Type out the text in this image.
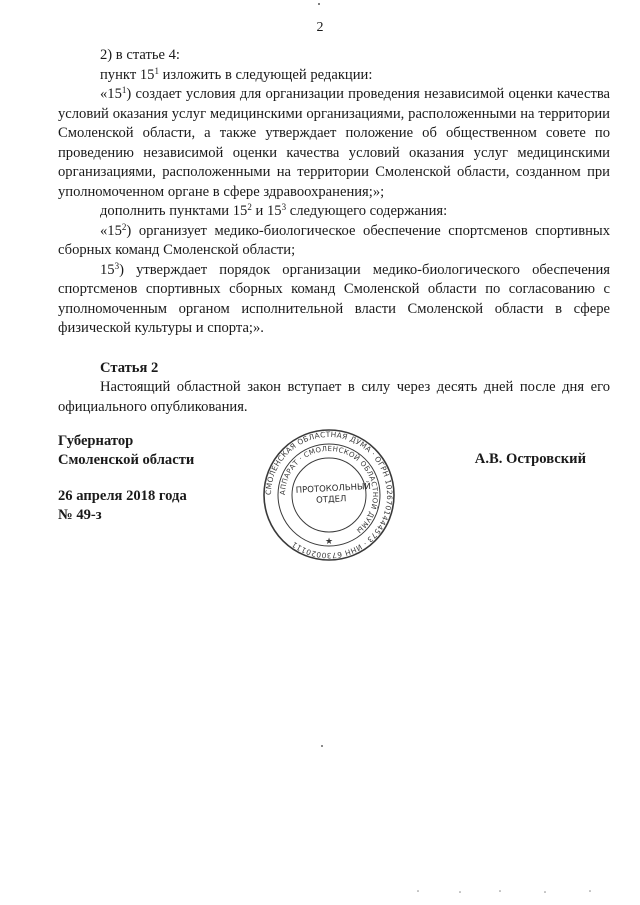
2

2) в статье 4:

пункт $15^1$ изложить в следующей редакции:

«$15^1$) создает условия для организации проведения независимой оценки качества условий оказания услуг медицинскими организациями, расположенными на территории Смоленской области, а также утверждает положение об общественном совете по проведению независимой оценки качества условий оказания услуг медицинскими организациями, расположенными на территории Смоленской области, созданном при уполномоченном органе в сфере здравоохранения;»;

дополнить пунктами $15^2$ и $15^3$ следующего содержания:

«$15^2$) организует медико-биологическое обеспечение спортсменов спортивных сборных команд Смоленской области;

$15^3$) утверждает порядок организации медико-биологического обеспечения спортсменов спортивных сборных команд Смоленской области по согласованию с уполномоченным органом исполнительной власти Смоленской области в сфере физической культуры и спорта;».

Статья 2

Настоящий областной закон вступает в силу через десять дней после дня его официального опубликования.

Губернатор
Смоленской области	А.В. Островский
26 апреля 2018 года
№ 49-з
СМОЛЕНСКАЯ ОБЛАСТНАЯ ДУМА · ОГРН 1026701444573 · ИНН 6730020111
АППАРАТ · СМОЛЕНСКОЙ ОБЛАСТНОЙ ДУМЫ
★
ПРОТОКОЛЬНЫЙ
ОТДЕЛ
